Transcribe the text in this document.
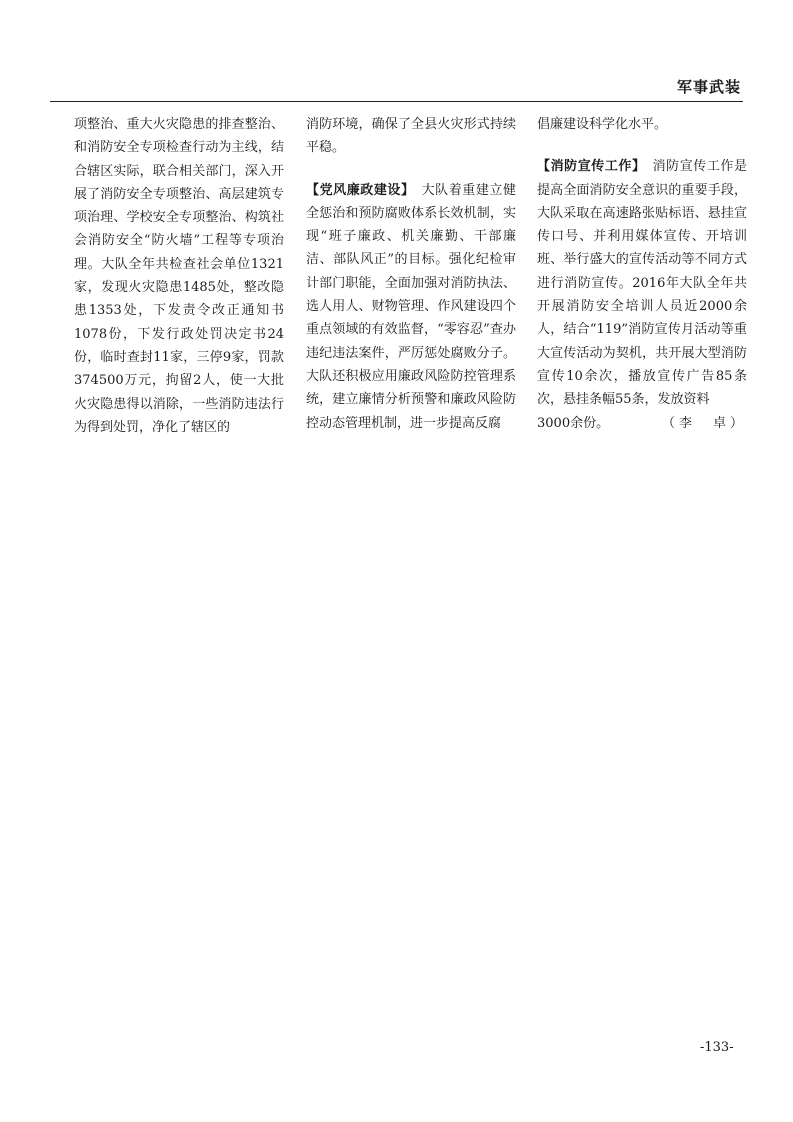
军事武装

项整治、重大火灾隐患的排查整治、和消防安全专项检查行动为主线，结合辖区实际，联合相关部门，深入开展了消防安全专项整治、高层建筑专项治理、学校安全专项整治、构筑社会消防安全“防火墙”工程等专项治理。大队全年共检查社会单位1321家，发现火灾隐患1485处，整改隐患1353处，下发责令改正通知书1078份，下发行政处罚决定书24份，临时查封11家，三停9家，罚款374500万元，拘留2人，使一大批火灾隐患得以消除，一些消防违法行为得到处罚，净化了辖区的

消防环境，确保了全县火灾形式持续平稳。

【党风廉政建设】  大队着重建立健全惩治和预防腐败体系长效机制，实现“班子廉政、机关廉勤、干部廉洁、部队风正”的目标。强化纪检审计部门职能，全面加强对消防执法、选人用人、财物管理、作风建设四个重点领域的有效监督，“零容忍”查办违纪违法案件，严厉惩处腐败分子。大队还积极应用廉政风险防控管理系统，建立廉情分析预警和廉政风险防控动态管理机制，进一步提高反腐

倡廉建设科学化水平。

【消防宣传工作】  消防宣传工作是提高全面消防安全意识的重要手段，大队采取在高速路张贴标语、悬挂宣传口号、并利用媒体宣传、开培训班、举行盛大的宣传活动等不同方式进行消防宣传。2016年大队全年共开展消防安全培训人员近2000余人，结合“119”消防宣传月活动等重大宣传活动为契机，共开展大型消防宣传10余次，播放宣传广告85条次，悬挂条幅55条，发放资料

3000余份。	（李　卓）
-133-
